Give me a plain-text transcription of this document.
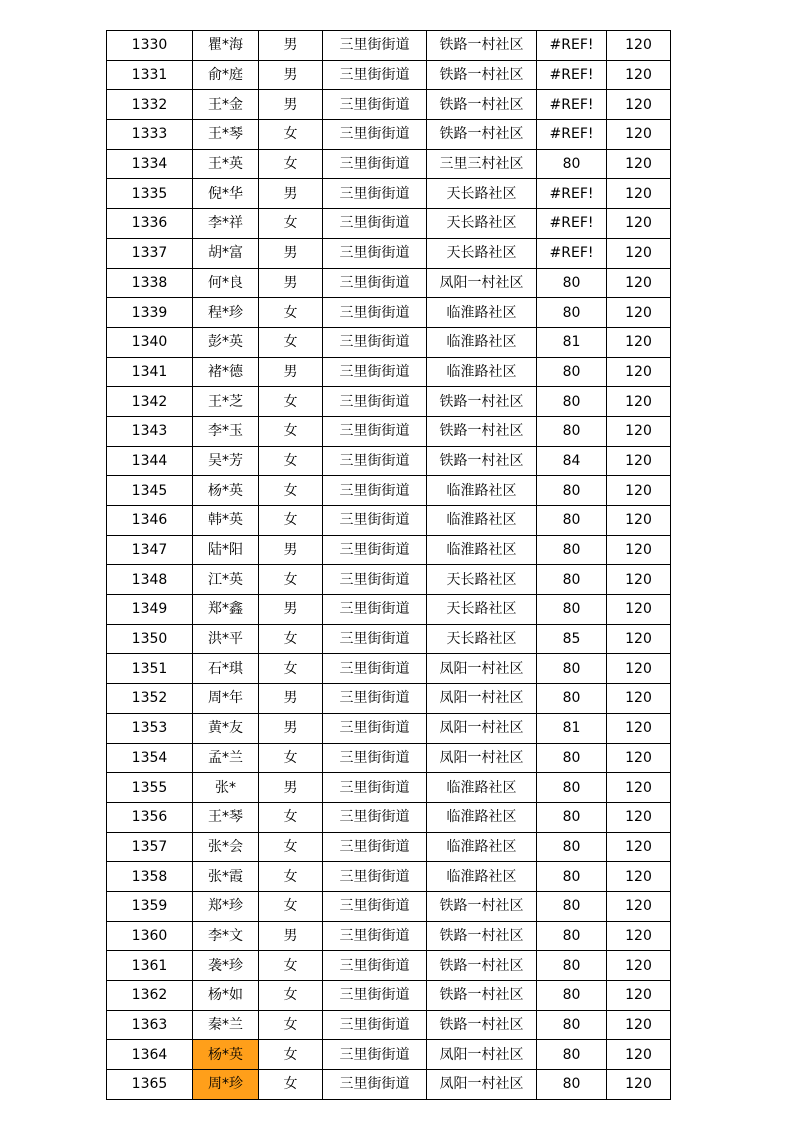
1330	瞿*海	男	三里街街道	铁路一村社区	#REF!	120
1331	俞*庭	男	三里街街道	铁路一村社区	#REF!	120
1332	王*金	男	三里街街道	铁路一村社区	#REF!	120
1333	王*琴	女	三里街街道	铁路一村社区	#REF!	120
1334	王*英	女	三里街街道	三里三村社区	80	120
1335	倪*华	男	三里街街道	天长路社区	#REF!	120
1336	李*祥	女	三里街街道	天长路社区	#REF!	120
1337	胡*富	男	三里街街道	天长路社区	#REF!	120
1338	何*良	男	三里街街道	凤阳一村社区	80	120
1339	程*珍	女	三里街街道	临淮路社区	80	120
1340	彭*英	女	三里街街道	临淮路社区	81	120
1341	褚*德	男	三里街街道	临淮路社区	80	120
1342	王*芝	女	三里街街道	铁路一村社区	80	120
1343	李*玉	女	三里街街道	铁路一村社区	80	120
1344	吴*芳	女	三里街街道	铁路一村社区	84	120
1345	杨*英	女	三里街街道	临淮路社区	80	120
1346	韩*英	女	三里街街道	临淮路社区	80	120
1347	陆*阳	男	三里街街道	临淮路社区	80	120
1348	江*英	女	三里街街道	天长路社区	80	120
1349	郑*鑫	男	三里街街道	天长路社区	80	120
1350	洪*平	女	三里街街道	天长路社区	85	120
1351	石*琪	女	三里街街道	凤阳一村社区	80	120
1352	周*年	男	三里街街道	凤阳一村社区	80	120
1353	黄*友	男	三里街街道	凤阳一村社区	81	120
1354	孟*兰	女	三里街街道	凤阳一村社区	80	120
1355	张*	男	三里街街道	临淮路社区	80	120
1356	王*琴	女	三里街街道	临淮路社区	80	120
1357	张*会	女	三里街街道	临淮路社区	80	120
1358	张*霞	女	三里街街道	临淮路社区	80	120
1359	郑*珍	女	三里街街道	铁路一村社区	80	120
1360	李*文	男	三里街街道	铁路一村社区	80	120
1361	袭*珍	女	三里街街道	铁路一村社区	80	120
1362	杨*如	女	三里街街道	铁路一村社区	80	120
1363	秦*兰	女	三里街街道	铁路一村社区	80	120
1364	杨*英	女	三里街街道	凤阳一村社区	80	120
1365	周*珍	女	三里街街道	凤阳一村社区	80	120
